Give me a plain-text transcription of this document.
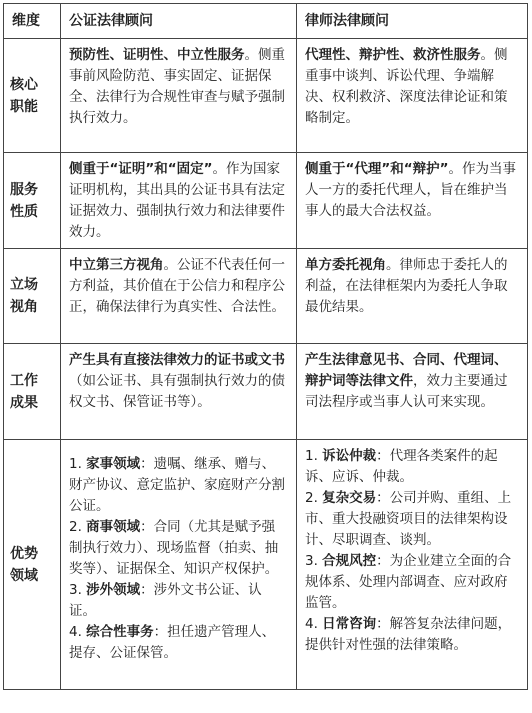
维度	公证法律顾问	律师法律顾问

核心
职能	预防性、证明性、中立性服务。侧重事前风险防范、事实固定、证据保全、法律行为合规性审查与赋予强制执行效力。	代理性、辩护性、救济性服务。侧重事中谈判、诉讼代理、争端解决、权利救济、深度法律论证和策略制定。

服务
性质	侧重于“证明”和“固定”。作为国家证明机构，其出具的公证书具有法定证据效力、强制执行效力和法律要件效力。	侧重于“代理”和“辩护”。作为当事人一方的委托代理人，旨在维护当事人的最大合法权益。

立场
视角	中立第三方视角。公证不代表任何一方利益，其价值在于公信力和程序公正，确保法律行为真实性、合法性。	单方委托视角。律师忠于委托人的利益，在法律框架内为委托人争取最优结果。

工作
成果	产生具有直接法律效力的证书或文书（如公证书、具有强制执行效力的债权文书、保管证书等）。	产生法律意见书、合同、代理词、辩护词等法律文件，效力主要通过司法程序或当事人认可来实现。

优势
领域	1. 家事领域：遗嘱、继承、赠与、财产协议、意定监护、家庭财产分割公证。
2. 商事领域：合同（尤其是赋予强制执行效力）、现场监督（拍卖、抽奖等）、证据保全、知识产权保护。
3. 涉外领域：涉外文书公证、认证。
4. 综合性事务：担任遗产管理人、提存、公证保管。	1. 诉讼仲裁：代理各类案件的起诉、应诉、仲裁。
2. 复杂交易：公司并购、重组、上市、重大投融资项目的法律架构设计、尽职调查、谈判。
3. 合规风控：为企业建立全面的合规体系、处理内部调查、应对政府监管。
4. 日常咨询：解答复杂法律问题，提供针对性强的法律策略。
